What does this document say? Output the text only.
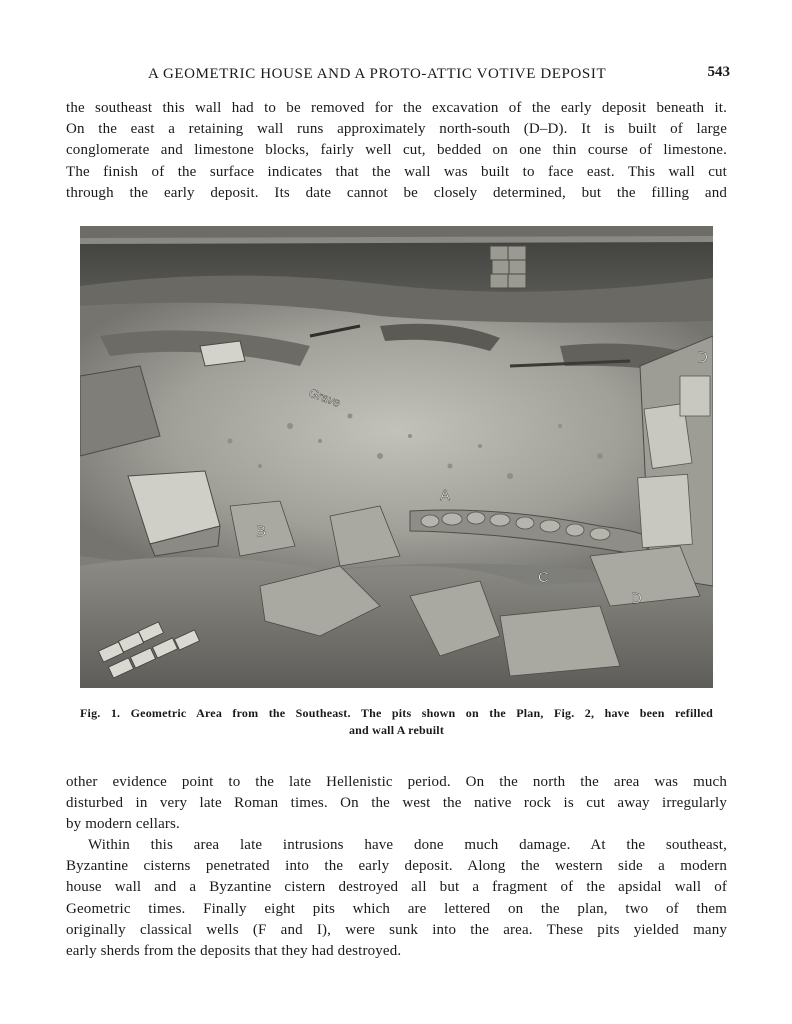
A GEOMETRIC HOUSE AND A PROTO-ATTIC VOTIVE DEPOSIT	543

the southeast this wall had to be removed for the excavation of the early deposit beneath it.
On the east a retaining wall runs approximately north-south (D–D). It is built of large
conglomerate and limestone blocks, fairly well cut, bedded on one thin course of limestone.
The finish of the surface indicates that the wall was built to face east. This wall cut
through the early deposit. Its date cannot be closely determined, but the filling and

Grave
A
B
C
D
D
Fig. 1. Geometric Area from the Southeast. The pits shown on the Plan, Fig. 2, have been refilled
and wall A rebuilt

other evidence point to the late Hellenistic period. On the north the area was much
disturbed in very late Roman times. On the west the native rock is cut away irregularly
by modern cellars.

Within this area late intrusions have done much damage. At the southeast,
Byzantine cisterns penetrated into the early deposit. Along the western side a modern
house wall and a Byzantine cistern destroyed all but a fragment of the apsidal wall of
Geometric times. Finally eight pits which are lettered on the plan, two of them
originally classical wells (F and I), were sunk into the area. These pits yielded many
early sherds from the deposits that they had destroyed.
